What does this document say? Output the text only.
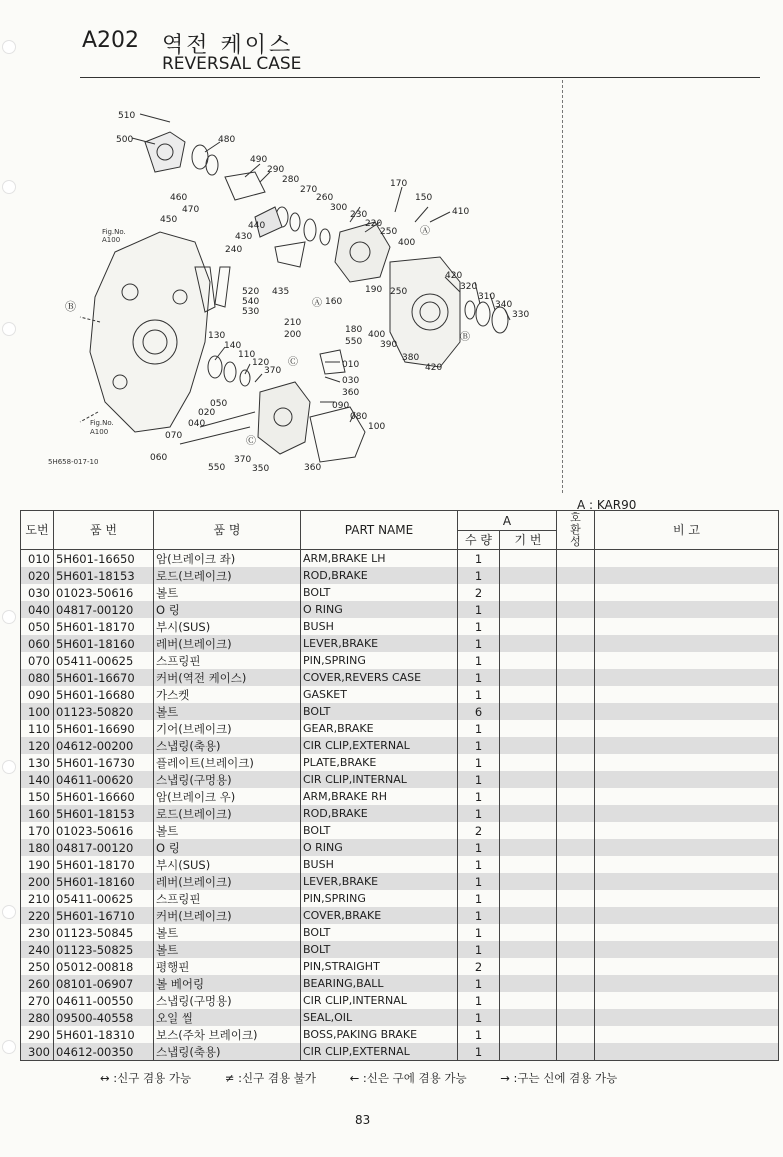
A202 역전 케이스
REVERSAL CASE
510
500	480
490
290
280
270
260
300
230
220
250
400
170
150
410
460
470
450
440
430
240
520
540
530
435	190 250
160
180
550
400
390
380
420
420
320
310
340
330
210
200
130
140
110
120
370
010
030
360
090
080
100
050
020
040
070
060
550
370
350	360
Ⓐ
Ⓐ
Ⓑ
Ⓑ
Ⓒ
Ⓒ
Fig.No.
A100
Fig.No.
A100
5H658-017-10
A : KAR90
도번	품 번	품 명	PART NAME	A		호
환
성	비 고
				수 량	기 번		
010	5H601-16650	암(브레이크 좌)	ARM,BRAKE LH	1			
020	5H601-18153	로드(브레이크)	ROD,BRAKE	1			
030	01023-50616	볼트	BOLT	2			
040	04817-00120	O 링	O RING	1			
050	5H601-18170	부시(SUS)	BUSH	1			
060	5H601-18160	레버(브레이크)	LEVER,BRAKE	1			
070	05411-00625	스프링핀	PIN,SPRING	1			
080	5H601-16670	커버(역전 케이스)	COVER,REVERS CASE	1			
090	5H601-16680	가스켓	GASKET	1			
100	01123-50820	볼트	BOLT	6			
110	5H601-16690	기어(브레이크)	GEAR,BRAKE	1			
120	04612-00200	스냅링(축용)	CIR CLIP,EXTERNAL	1			
130	5H601-16730	플레이트(브레이크)	PLATE,BRAKE	1			
140	04611-00620	스냅링(구멍용)	CIR CLIP,INTERNAL	1			
150	5H601-16660	암(브레이크 우)	ARM,BRAKE RH	1			
160	5H601-18153	로드(브레이크)	ROD,BRAKE	1			
170	01023-50616	볼트	BOLT	2			
180	04817-00120	O 링	O RING	1			
190	5H601-18170	부시(SUS)	BUSH	1			
200	5H601-18160	레버(브레이크)	LEVER,BRAKE	1			
210	05411-00625	스프링핀	PIN,SPRING	1			
220	5H601-16710	커버(브레이크)	COVER,BRAKE	1			
230	01123-50845	볼트	BOLT	1			
240	01123-50825	볼트	BOLT	1			
250	05012-00818	평행핀	PIN,STRAIGHT	2			
260	08101-06907	볼 베어링	BEARING,BALL	1			
270	04611-00550	스냅링(구멍용)	CIR CLIP,INTERNAL	1			
280	09500-40558	오일 씰	SEAL,OIL	1			
290	5H601-18310	보스(주차 브레이크)	BOSS,PAKING BRAKE	1			
300	04612-00350	스냅링(축용)	CIR CLIP,EXTERNAL	1			
↔ :신구 겸용 가능	≠ :신구 겸용 불가	← :신은 구에 겸용 가능	→ :구는 신에 겸용 가능
83
